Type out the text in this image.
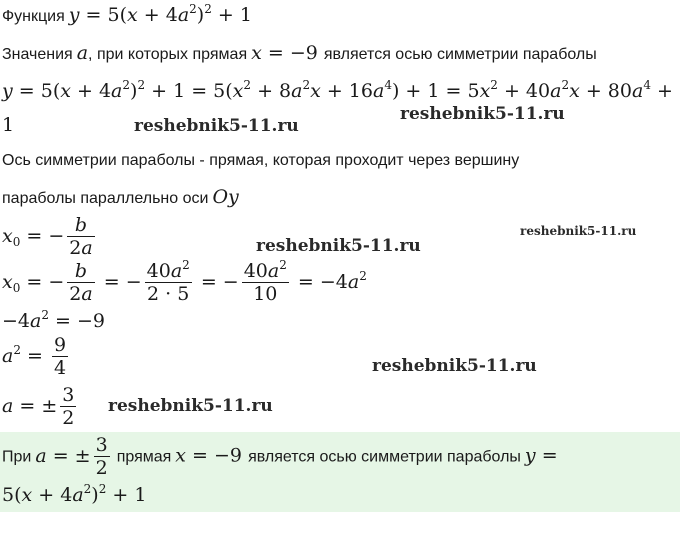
Функция $y = 5(x + 4a^2)^2 + 1$
Значения a, при которых прямая x = −9 является осью симметрии параболы
$y = 5(x + 4a^2)^2 + 1 = 5(x^2 + 8a^2x + 16a^4) + 1 = 5x^2 + 40a^2x + 80a^4$ +
1
Ось симметрии параболы - прямая, которая проходит через вершину
параболы параллельно оси Oy
$x_0$ = − $\frac{b}{2a}$
$x_0$ = − $\frac{b}{2a}$ = − $\frac{40a^2}{2 \cdot 5}$ = − $\frac{40a^2}{10} = -4a^2$
$-4a^2 = -9$
$a^2 = \frac{9}{4}$
a = ± $\frac{3}{2}$
При a = ± $\frac{3}{2}$ прямая x = −9 является осью симметрии параболы y =
$5(x + 4a^2)^2 + 1$
reshebnik5-11.ru
reshebnik5-11.ru
reshebnik5-11.ru
reshebnik5-11.ru
reshebnik5-11.ru
reshebnik5-11.ru
